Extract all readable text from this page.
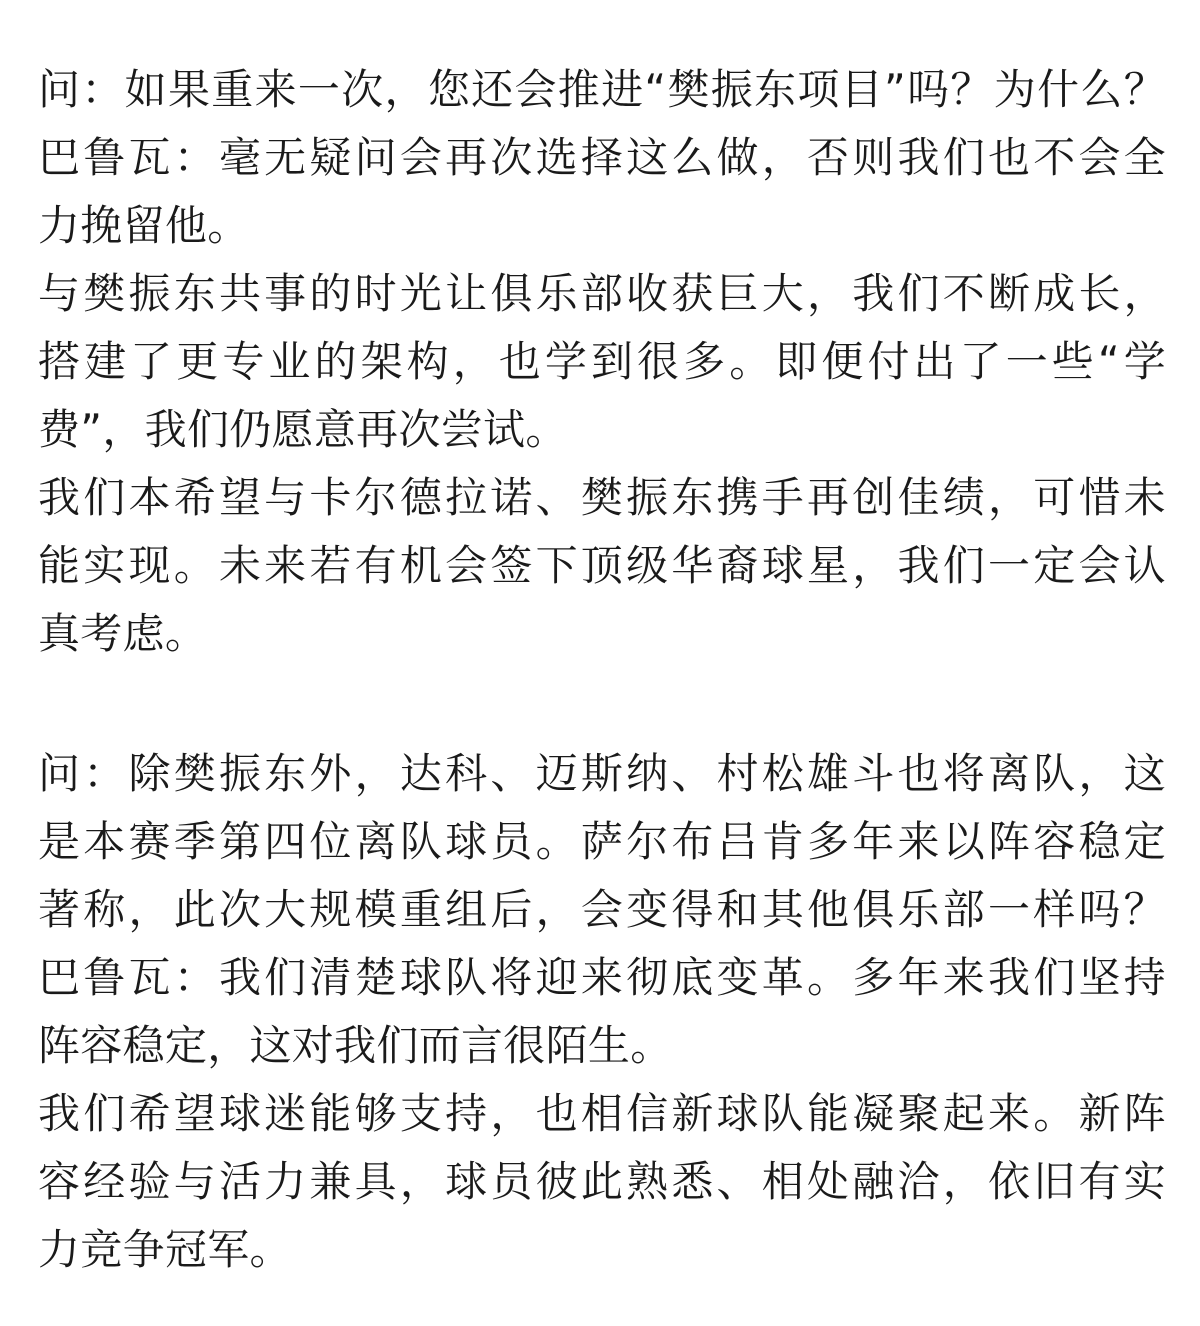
问：如果重来一次，您还会推进“樊振东项目”吗？为什么？
巴鲁瓦：毫无疑问会再次选择这么做，否则我们也不会全
力挽留他。
与樊振东共事的时光让俱乐部收获巨大，我们不断成长，
搭建了更专业的架构，也学到很多。即便付出了一些“学
费”，我们仍愿意再次尝试。
我们本希望与卡尔德拉诺、樊振东携手再创佳绩，可惜未
能实现。未来若有机会签下顶级华裔球星，我们一定会认
真考虑。
问：除樊振东外，达科、迈斯纳、村松雄斗也将离队，这
是本赛季第四位离队球员。萨尔布吕肯多年来以阵容稳定
著称，此次大规模重组后，会变得和其他俱乐部一样吗？
巴鲁瓦：我们清楚球队将迎来彻底变革。多年来我们坚持
阵容稳定，这对我们而言很陌生。
我们希望球迷能够支持，也相信新球队能凝聚起来。新阵
容经验与活力兼具，球员彼此熟悉、相处融洽，依旧有实
力竞争冠军。
